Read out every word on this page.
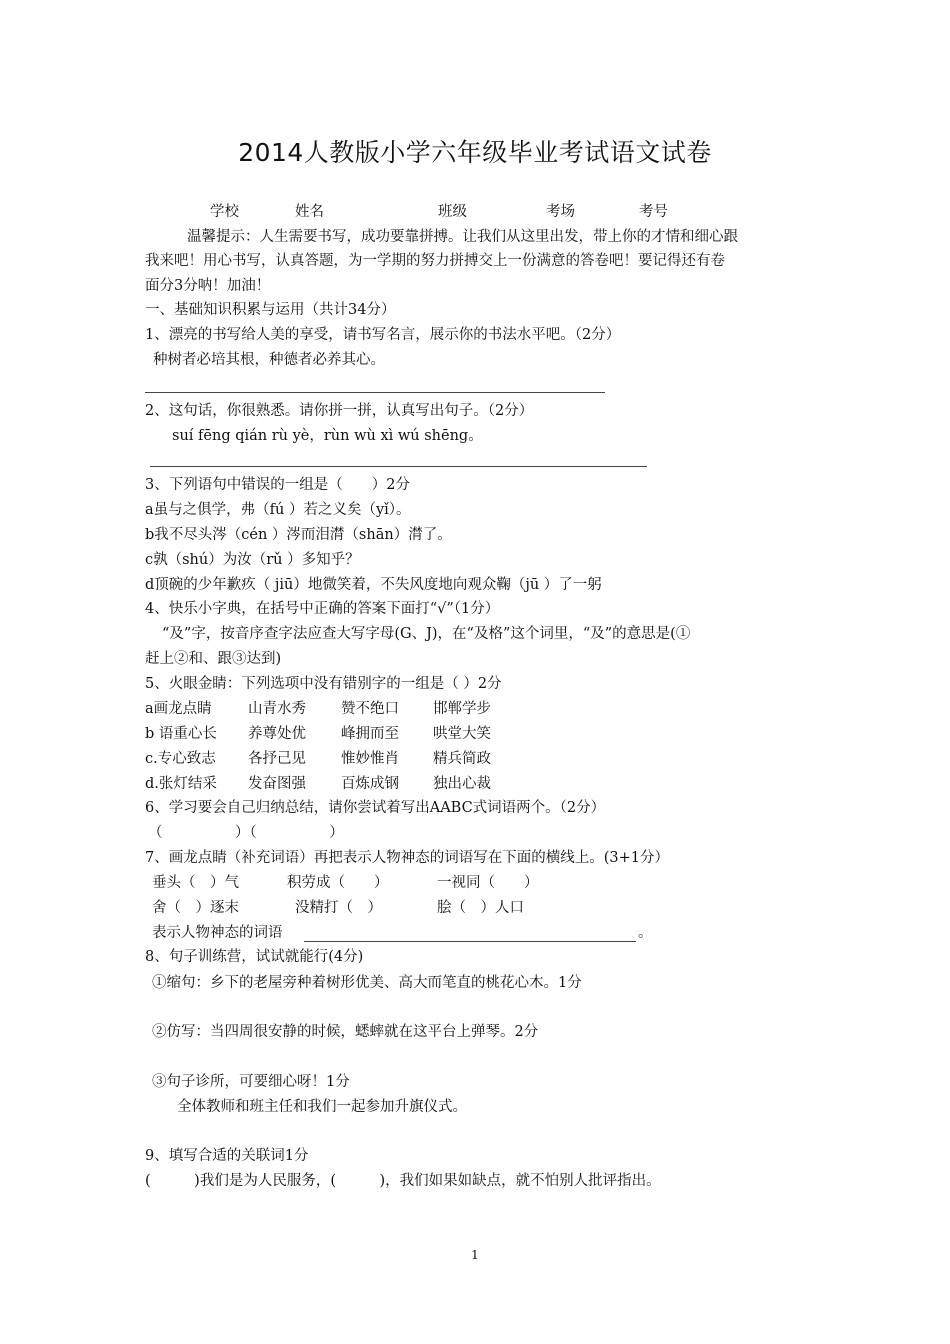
2014人教版小学六年级毕业考试语文试卷
学校	姓名	班级	考场	考号
温馨提示：人生需要书写，成功要靠拼搏。让我们从这里出发，带上你的才情和细心跟
我来吧！用心书写，认真答题，为一学期的努力拼搏交上一份满意的答卷吧！要记得还有卷
面分3分呐！加油！
一、基础知识积累与运用（共计34分）
1、漂亮的书写给人美的享受，请书写名言，展示你的书法水平吧。（2分）
种树者必培其根，种德者必养其心。
2、这句话，你很熟悉。请你拼一拼，认真写出句子。（2分）
suí fēng qián rù yè，rùn wù xì wú shēng。
3、下列语句中错误的一组是（　　）2分
a虽与之俱学，弗（fú ）若之义矣（yǐ）。
b我不尽头涔（cén ）涔而泪潸（shān）潸了。
c孰（shú）为汝（rǔ ）多知乎？
d顶碗的少年歉疚（ jiū）地微笑着，不失风度地向观众鞠（jū ）了一躬
4、快乐小字典，在括号中正确的答案下面打“√”（1分）
“及”字，按音序查字法应查大写字母(G、J)，在“及格”这个词里，“及”的意思是(①
赶上②和、跟③达到)
5、火眼金睛：下列选项中没有错别字的一组是（ ）2分
a画龙点睛	山青水秀 赞不绝口 邯郸学步
b 语重心长 养尊处优 峰拥而至 哄堂大笑
c.专心致志 各抒己见 惟妙惟肖 精兵简政
d.张灯结采 发奋图强 百炼成钢 独出心裁
6、学习要会自己归纳总结，请你尝试着写出AABC式词语两个。（2分）
（　　　　　）（　　　　　）
7、画龙点睛（补充词语）再把表示人物神态的词语写在下面的横线上。(3+1分）
垂头（　）气	积劳成（　　）	一视同（　　）
舍（　）逐末	没精打（　）	脍（　）人口
表示人物神态的词语	。
8、句子训练营，试试就能行(4分)
①缩句：乡下的老屋旁种着树形优美、高大而笔直的桃花心木。1分
②仿写：当四周很安静的时候，蟋蟀就在这平台上弹琴。2分
③句子诊所，可要细心呀！1分
全体教师和班主任和我们一起参加升旗仪式。
9、填写合适的关联词1分
(　　　)我们是为人民服务，(　　　)，我们如果如缺点，就不怕别人批评指出。
1
